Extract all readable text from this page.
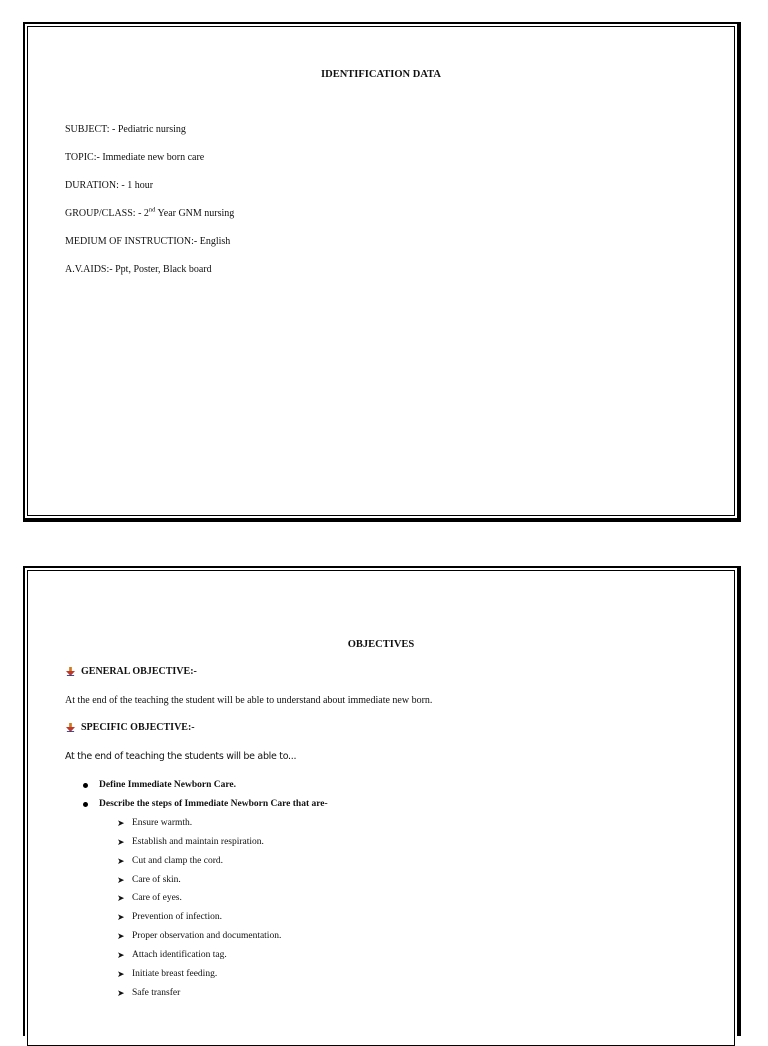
IDENTIFICATION DATA
SUBJECT: - Pediatric nursing
TOPIC:- Immediate new born care
DURATION: - 1 hour
GROUP/CLASS: - 2nd Year GNM nursing
MEDIUM OF INSTRUCTION:- English
A.V.AIDS:- Ppt, Poster, Black board
OBJECTIVES
GENERAL OBJECTIVE:-
At the end of the teaching the student will be able to understand about immediate new born.
SPECIFIC OBJECTIVE:-
At the end of teaching the students will be able to...
Define Immediate Newborn Care.
Describe the steps of Immediate Newborn Care that are-
➤ Ensure warmth.
➤ Establish and maintain respiration.
➤ Cut and clamp the cord.
➤ Care of skin.
➤ Care of eyes.
➤ Prevention of infection.
➤ Proper observation and documentation.
➤ Attach identification tag.
➤ Initiate breast feeding.
➤ Safe transfer
